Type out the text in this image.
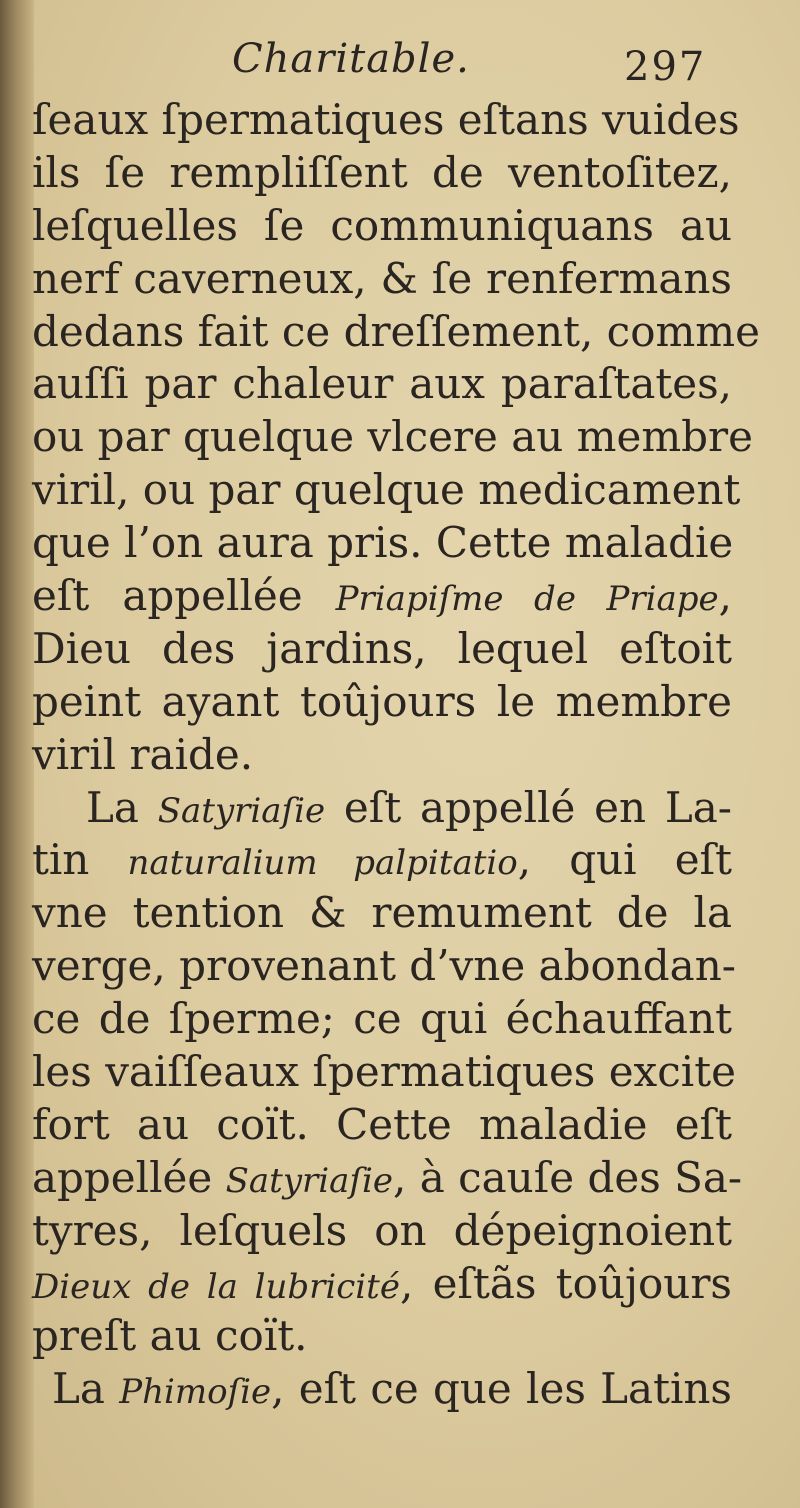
Charitable.	297
ſeaux ſpermatiques eſtans vuides
ils ſe rempliſſent de ventoſitez,
leſquelles ſe communiquans au
nerf caverneux, & ſe renfermans
dedans fait ce dreſſement, comme
auſſi par chaleur aux paraſtates,
ou par quelque vlcere au membre
viril, ou par quelque medicament
que l’on aura pris. Cette maladie
eſt appellée Priapiſme de Priape,
Dieu des jardins, lequel eſtoit
peint ayant toûjours le membre
viril raide.
La Satyriaſie eſt appellé en La-
tin naturalium palpitatio, qui eſt
vne tention & remument de la
verge, provenant d’vne abondan-
ce de ſperme; ce qui échauffant
les vaiſſeaux ſpermatiques excite
fort au coït. Cette maladie eſt
appellée Satyriaſie, à cauſe des Sa-
tyres, leſquels on dépeignoient
Dieux de la lubricité, eſtãs toûjours
preſt au coït.
La Phimoſie, eſt ce que les Latins
